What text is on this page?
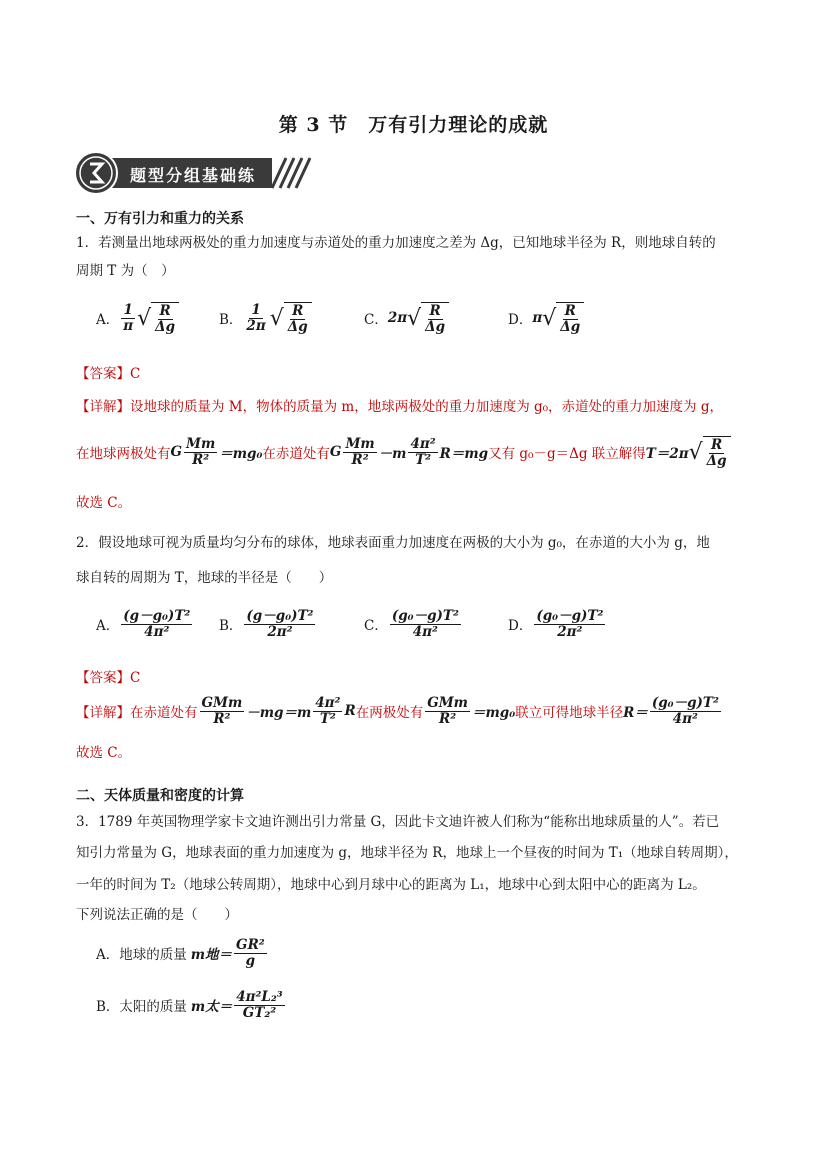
第 3 节　万有引力理论的成就
题型分组基础练
一、万有引力和重力的关系
1．若测量出地球两极处的重力加速度与赤道处的重力加速度之差为 Δg，已知地球半径为 R，则地球自转的
周期 T 为（　）
A． $\frac{1}{\pi}$ √ $\frac{R}{\Delta g}$	B． $\frac{1}{2\pi}$ √ $\frac{R}{\Delta g}$	C． 2π √ $\frac{R}{\Delta g}$	D． π √ $\frac{R}{\Delta g}$
【答案】C
【详解】设地球的质量为 M，物体的质量为 m，地球两极处的重力加速度为 g₀，赤道处的重力加速度为 g，
在地球两极处有 G $\frac{Mm}{\text{R²}} =mg_0$ 在赤道处有 G $\frac{Mm}{\text{R²}} -m \frac{\text{4π²}}{\text{T²}} R=mg$ 又有 g₀－g＝Δg 联立解得 T＝2π √ $\frac{R}{\Delta g}$
故选 C。
2．假设地球可视为质量均匀分布的球体，地球表面重力加速度在两极的大小为 g₀，在赤道的大小为 g，地
球自转的周期为 T，地球的半径是（　　）
A． $\frac{\text{(g－g₀)T²}}{\text{4π²}}$ B． $\frac{\text{(g－g₀)T²}}{\text{2π²}}$	C． $\frac{\text{(g₀－g)T²}}{\text{4π²}}$	D． $\frac{\text{(g₀－g)T²}}{\text{2π²}}$
【答案】C
【详解】在赤道处有 $\frac{\text{GMm}}{\text{R²}} -mg=m \frac{\text{4π²}}{\text{T²}}$ R 在两极处有 $\frac{\text{GMm}}{\text{R²}} =mg_0$ 联立可得地球半径 $R= \frac{\text{(g₀－g)T²}}{\text{4π²}}$
故选 C。
二、天体质量和密度的计算
3．1789 年英国物理学家卡文迪许测出引力常量 G，因此卡文迪许被人们称为“能称出地球质量的人”。若已
知引力常量为 G，地球表面的重力加速度为 g，地球半径为 R，地球上一个昼夜的时间为 T₁（地球自转周期），
一年的时间为 T₂（地球公转周期），地球中心到月球中心的距离为 L₁，地球中心到太阳中心的距离为 L₂。
下列说法正确的是（　　）
A．地球的质量 m地＝ $\frac{\text{GR²}}{g}$
B．太阳的质量 m太＝ $\frac{\text{4π²L₂³}}{\text{GT₂²}}$
